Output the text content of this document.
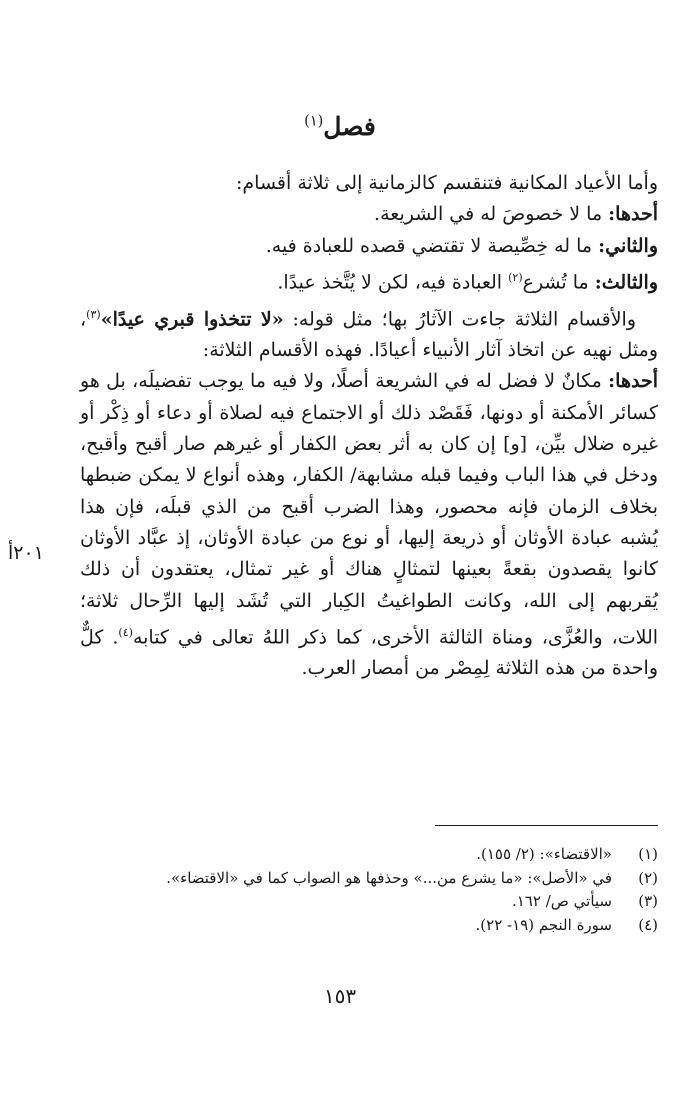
فصل$^{(١)}$

وأما الأعياد المكانية فتنقسم كالزمانية إلى ثلاثة أقسام:

أحدها: ما لا خصوصَ له في الشريعة.

والثاني: ما له خِصِّيصة لا تقتضي قصده للعبادة فيه.

والثالث: ما تُشرع$^{(٢)}$ العبادة فيه، لكن لا يُتَّخذ عيدًا.

والأقسام الثلاثة جاءت الآثارُ بها؛ مثل قوله: «لا تتخذوا قبري عيدًا»$^{(٣)}$، ومثل نهيه عن اتخاذ آثار الأنبياء أعيادًا. فهذه الأقسام الثلاثة:

أحدها: مكانٌ لا فضل له في الشريعة أصلًا، ولا فيه ما يوجب تفضيلَه، بل هو كسائر الأمكنة أو دونها، فَقَصْد ذلك أو الاجتماع فيه لصلاة أو دعاء أو ذِكْر أو غيره ضلال بيِّن، [و] إن كان به أثر بعض الكفار أو غيرهم صار أقبح وأقبح، ودخل في هذا الباب وفيما قبله مشابهة/ الكفار، وهذه أنواع لا يمكن ضبطها بخلاف الزمان فإنه محصور، وهذا الضرب أقبح من الذي قبلَه، فإن هذا يُشبه عبادة الأوثان أو ذريعة إليها، أو نوع من عبادة الأوثان، إذ عبَّاد الأوثان كانوا يقصدون بقعةً بعينها لتمثالٍ هناك أو غير تمثال، يعتقدون أن ذلك يُقربهم إلى الله، وكانت الطواغيتُ الكِبار التي تُشَد إليها الرِّحال ثلاثة؛ اللات، والعُزَّى، ومناة الثالثة الأخرى، كما ذكر اللهُ تعالى في كتابه$^{(٤)}$. كلٌّ واحدة من هذه الثلاثة لِمِصْر من أمصار العرب.

٢٠١أ
(١)
«الاقتضاء»: (٢/ ١٥٥).
(٢)
في «الأصل»: «ما يشرع من...» وحذفها هو الصواب كما في «الاقتضاء».
(٣)
سيأتي ص/ ١٦٢.
(٤)
سورة النجم (١٩- ٢٢).
١٥٣
